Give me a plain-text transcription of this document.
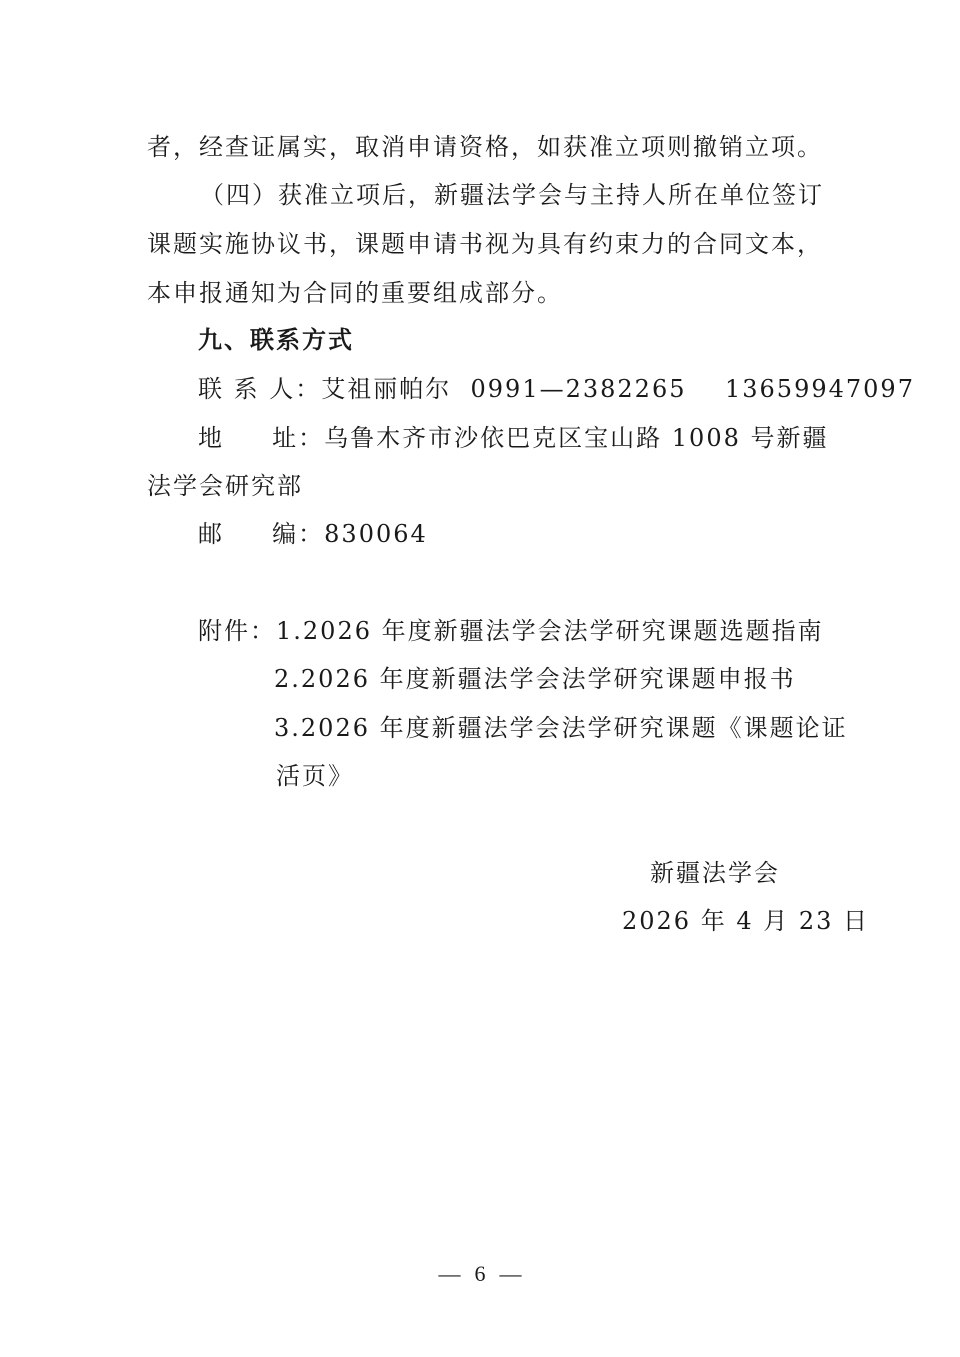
者，经查证属实，取消申请资格，如获准立项则撤销立项。
（四）获准立项后，新疆法学会与主持人所在单位签订
课题实施协议书，课题申请书视为具有约束力的合同文本，
本申报通知为合同的重要组成部分。
九、联系方式
联 系 人：艾祖丽帕尔  0991—2382265    13659947097
地     址：乌鲁木齐市沙依巴克区宝山路 1008 号新疆
法学会研究部
邮     编：830064
附件：1.2026 年度新疆法学会法学研究课题选题指南
2.2026 年度新疆法学会法学研究课题申报书
3.2026 年度新疆法学会法学研究课题《课题论证
活页》
新疆法学会
2026 年 4 月 23 日
— 6 —
